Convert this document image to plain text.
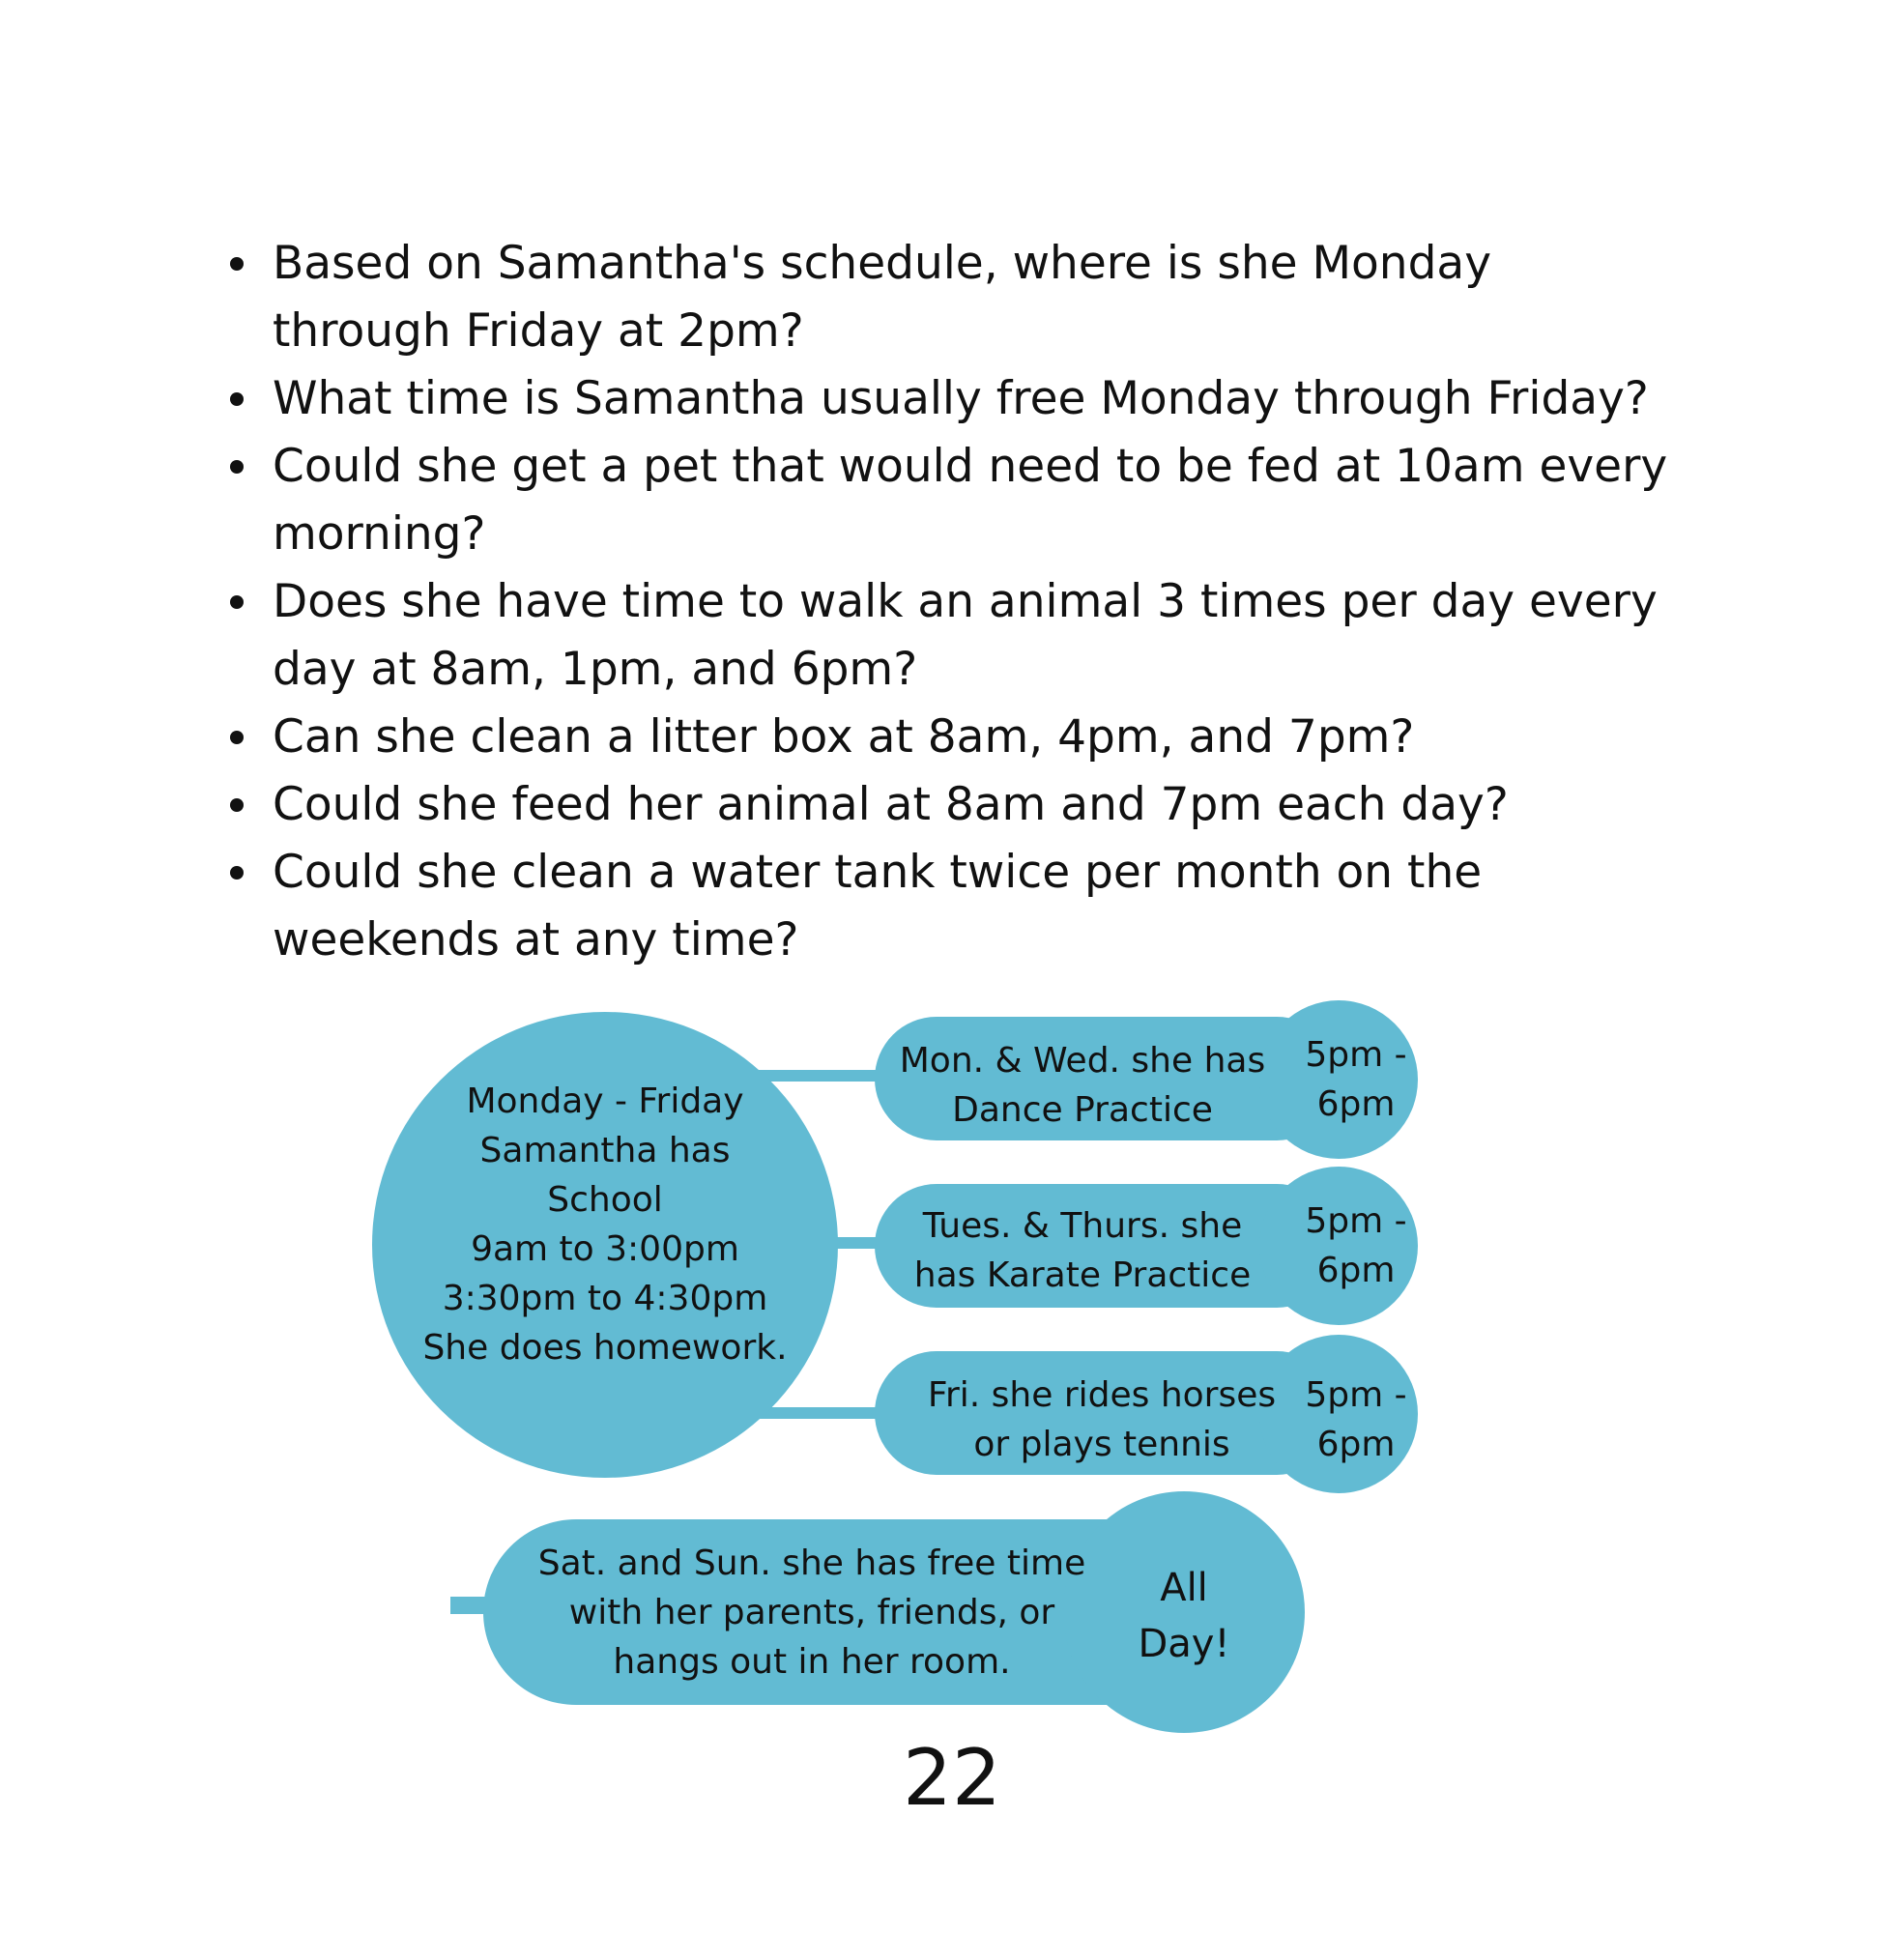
Based on Samantha's schedule, where is she Monday
through Friday at 2pm?
What time is Samantha usually free Monday through Friday?
Could she get a pet that would need to be fed at 10am every
morning?
Does she have time to walk an animal 3 times per day every
day at 8am, 1pm, and 6pm?
Can she clean a litter box at 8am, 4pm, and 7pm?
Could she feed her animal at 8am and 7pm each day?
Could she clean a water tank twice per month on the
weekends at any time?
Monday - Friday
Samantha has
School
9am to 3:00pm
3:30pm to 4:30pm
She does homework.
Mon. & Wed. she has
Dance Practice
5pm -
6pm
Tues. & Thurs. she
has Karate Practice
5pm -
6pm
Fri. she rides horses
or plays tennis
5pm -
6pm
Sat. and Sun. she has free time
with her parents, friends, or
hangs out in her room.
All
Day!
22
